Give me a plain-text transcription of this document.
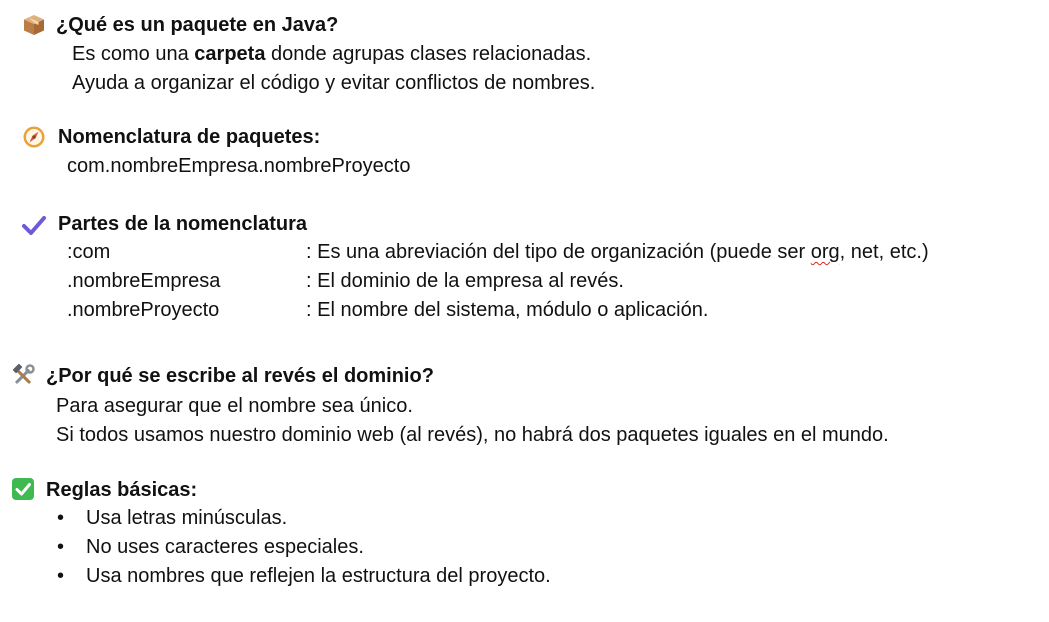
¿Qué es un paquete en Java?
Es como una carpeta donde agrupas clases relacionadas.
Ayuda a organizar el código y evitar conflictos de nombres.
Nomenclatura de paquetes:
com.nombreEmpresa.nombreProyecto
Partes de la nomenclatura
:com	: Es una abreviación del tipo de organización (puede ser org, net, etc.)
.nombreEmpresa	: El dominio de la empresa al revés.
.nombreProyecto	: El nombre del sistema, módulo o aplicación.
¿Por qué se escribe al revés el dominio?
Para asegurar que el nombre sea único.
Si todos usamos nuestro dominio web (al revés), no habrá dos paquetes iguales en el mundo.
Reglas básicas:
• Usa letras minúsculas.
• No uses caracteres especiales.
• Usa nombres que reflejen la estructura del proyecto.
